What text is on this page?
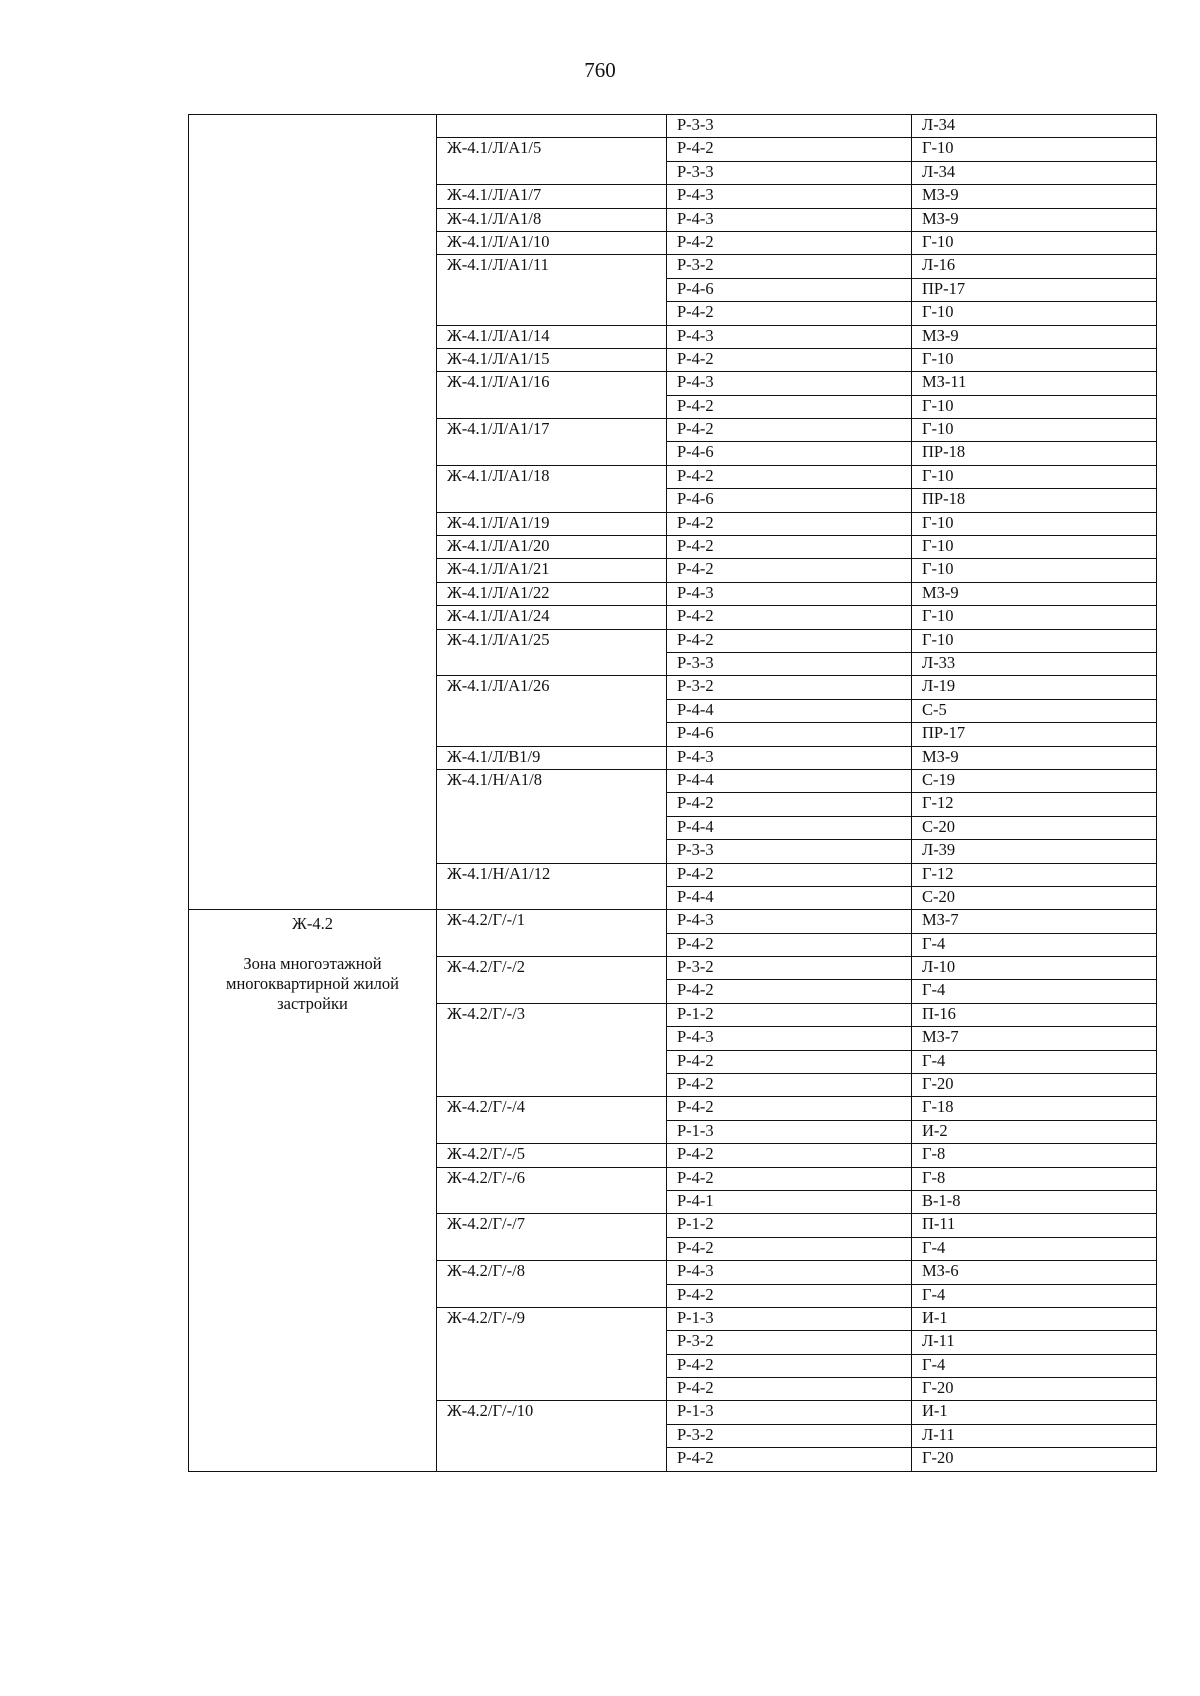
760
		Р-3-3	Л-34
	Ж-4.1/Л/А1/5	Р-4-2	Г-10
		Р-3-3	Л-34
	Ж-4.1/Л/А1/7	Р-4-3	МЗ-9
	Ж-4.1/Л/А1/8	Р-4-3	МЗ-9
	Ж-4.1/Л/А1/10	Р-4-2	Г-10
	Ж-4.1/Л/А1/11	Р-3-2	Л-16
		Р-4-6	ПР-17
		Р-4-2	Г-10
	Ж-4.1/Л/А1/14	Р-4-3	МЗ-9
	Ж-4.1/Л/А1/15	Р-4-2	Г-10
	Ж-4.1/Л/А1/16	Р-4-3	МЗ-11
		Р-4-2	Г-10
	Ж-4.1/Л/А1/17	Р-4-2	Г-10
		Р-4-6	ПР-18
	Ж-4.1/Л/А1/18	Р-4-2	Г-10
		Р-4-6	ПР-18
	Ж-4.1/Л/А1/19	Р-4-2	Г-10
	Ж-4.1/Л/А1/20	Р-4-2	Г-10
	Ж-4.1/Л/А1/21	Р-4-2	Г-10
	Ж-4.1/Л/А1/22	Р-4-3	МЗ-9
	Ж-4.1/Л/А1/24	Р-4-2	Г-10
	Ж-4.1/Л/А1/25	Р-4-2	Г-10
		Р-3-3	Л-33
	Ж-4.1/Л/А1/26	Р-3-2	Л-19
		Р-4-4	С-5
		Р-4-6	ПР-17
	Ж-4.1/Л/В1/9	Р-4-3	МЗ-9
	Ж-4.1/Н/А1/8	Р-4-4	С-19
		Р-4-2	Г-12
		Р-4-4	С-20
		Р-3-3	Л-39
	Ж-4.1/Н/А1/12	Р-4-2	Г-12
		Р-4-4	С-20

Ж-4.2
Зона многоэтажной многоквартирной жилой застройки	Ж-4.2/Г/-/1	Р-4-3	МЗ-7
		Р-4-2	Г-4
	Ж-4.2/Г/-/2	Р-3-2	Л-10
		Р-4-2	Г-4
	Ж-4.2/Г/-/3	Р-1-2	П-16
		Р-4-3	МЗ-7
		Р-4-2	Г-4
		Р-4-2	Г-20
	Ж-4.2/Г/-/4	Р-4-2	Г-18
		Р-1-3	И-2
	Ж-4.2/Г/-/5	Р-4-2	Г-8
	Ж-4.2/Г/-/6	Р-4-2	Г-8
		Р-4-1	В-1-8
	Ж-4.2/Г/-/7	Р-1-2	П-11
		Р-4-2	Г-4
	Ж-4.2/Г/-/8	Р-4-3	МЗ-6
		Р-4-2	Г-4
	Ж-4.2/Г/-/9	Р-1-3	И-1
		Р-3-2	Л-11
		Р-4-2	Г-4
		Р-4-2	Г-20
	Ж-4.2/Г/-/10	Р-1-3	И-1
		Р-3-2	Л-11
		Р-4-2	Г-20
